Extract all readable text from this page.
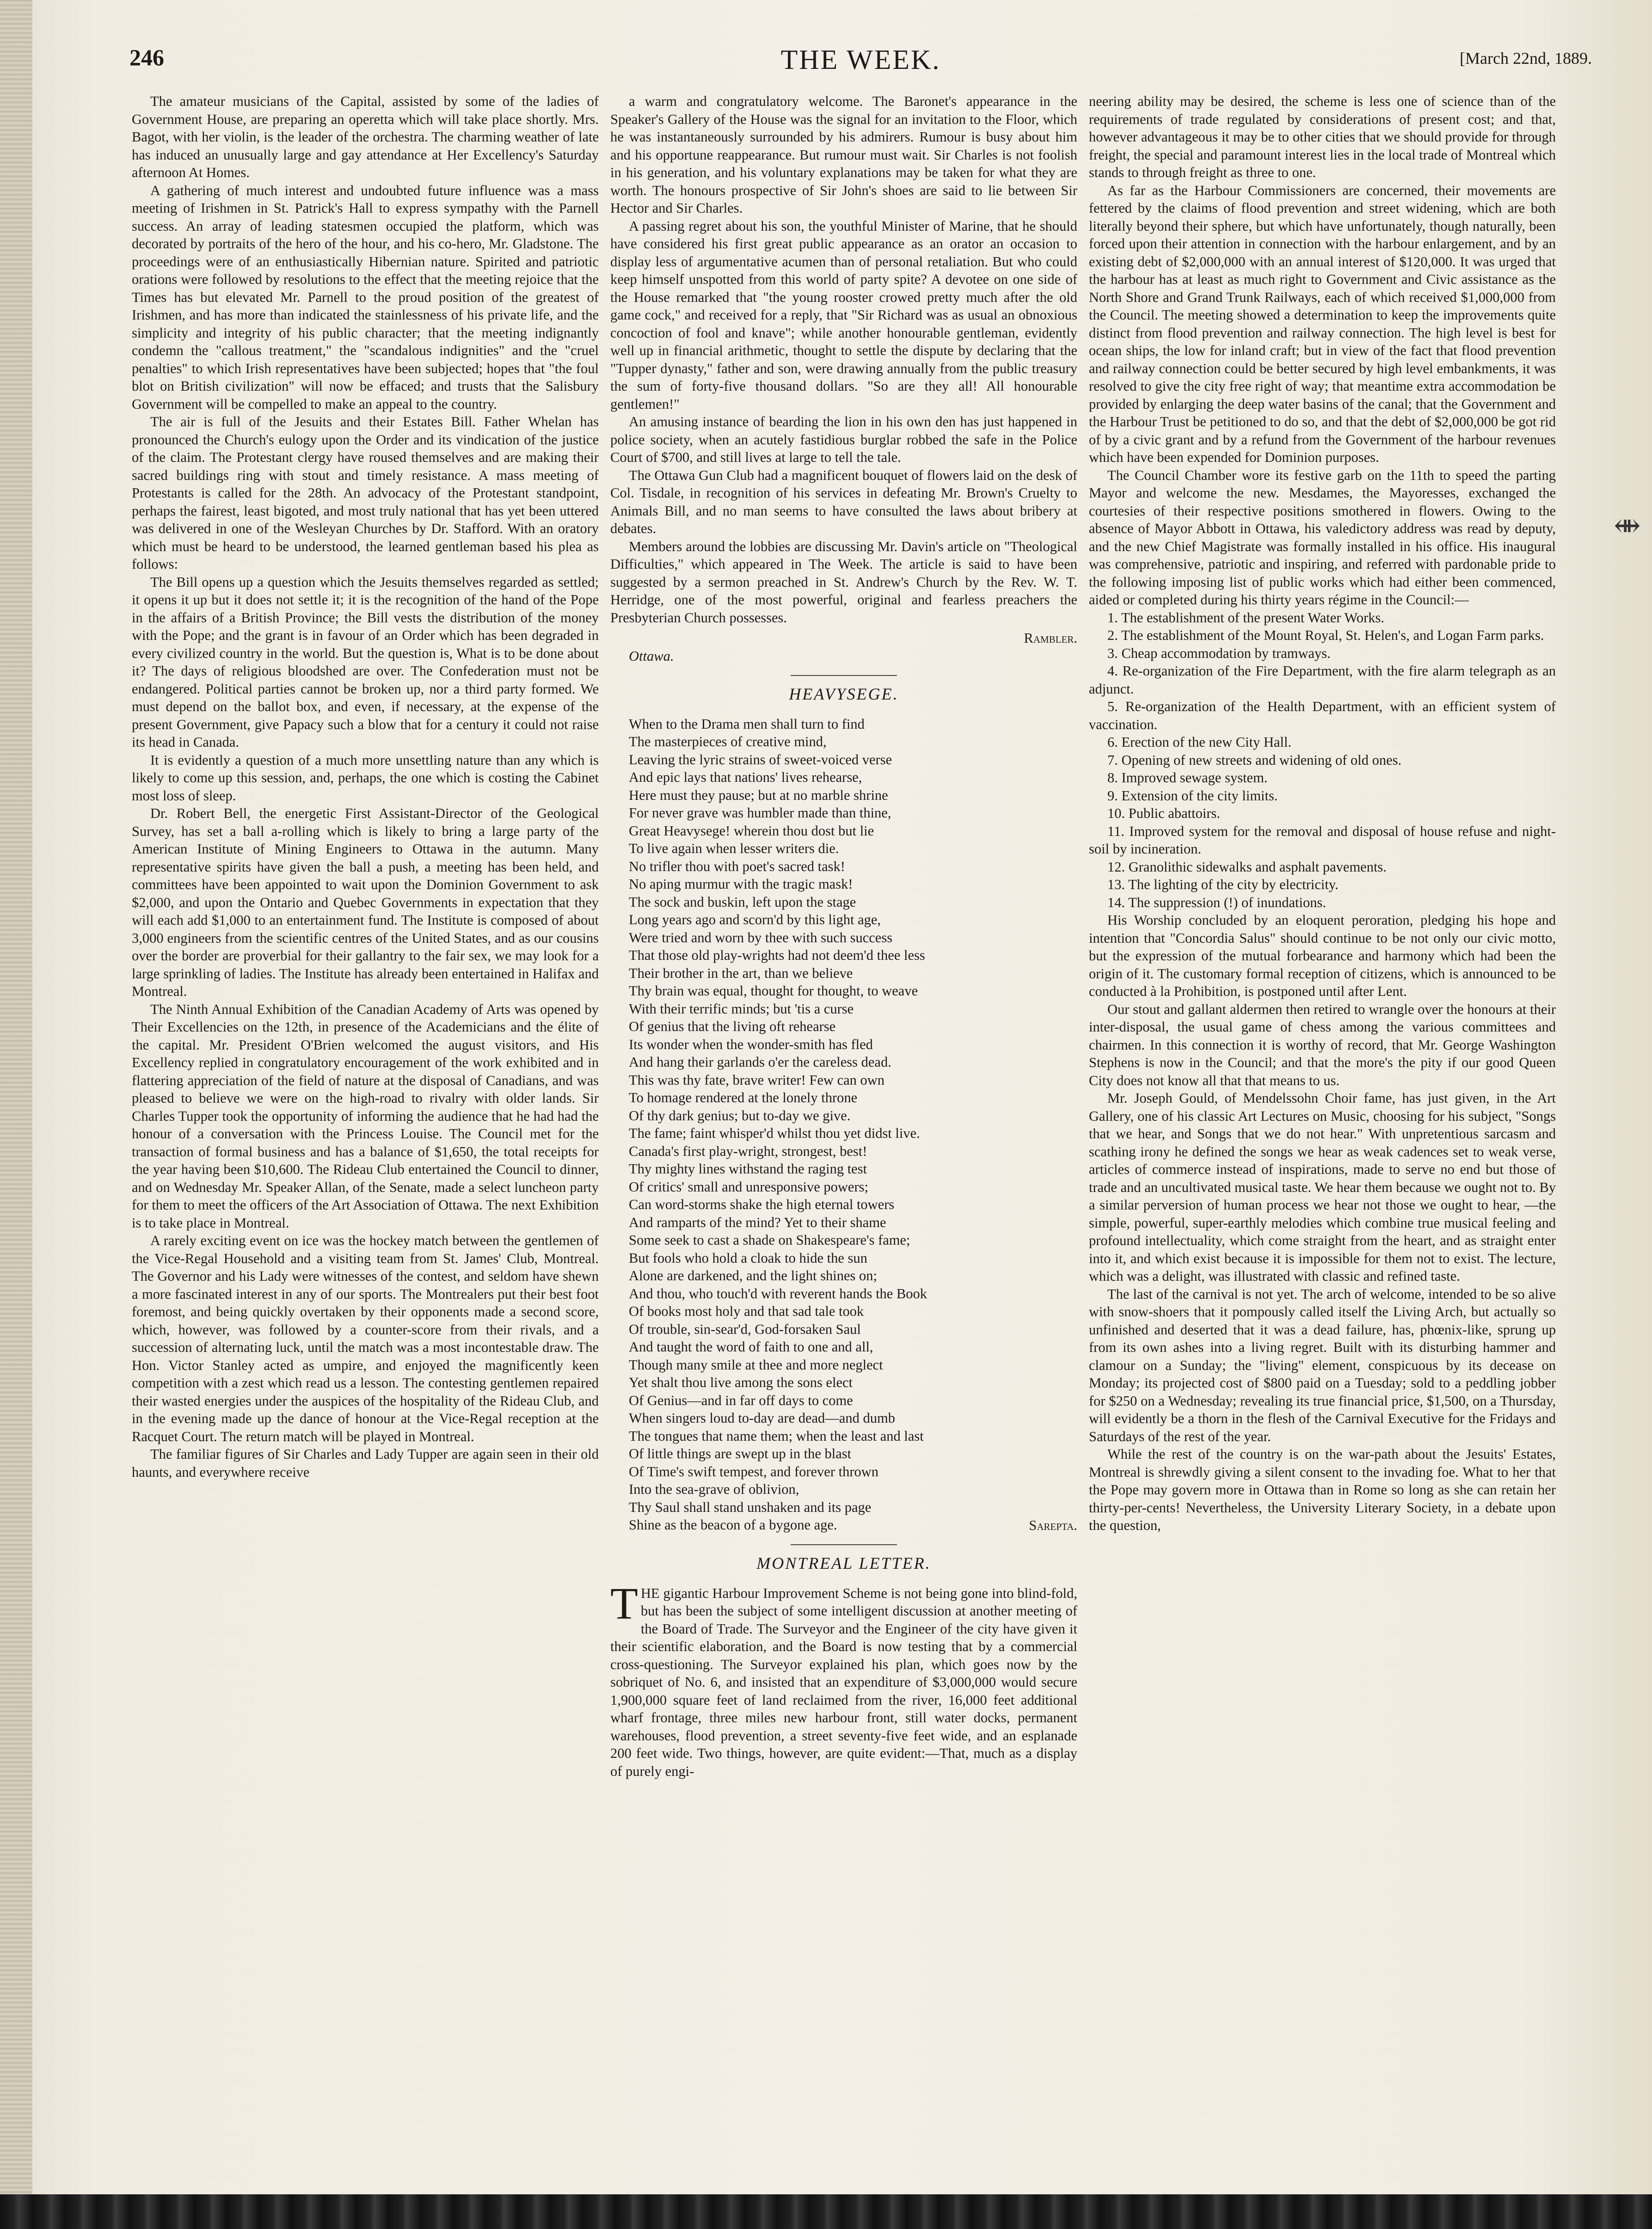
246	THE WEEK.	[March 22nd, 1889.

The amateur musicians of the Capital, assisted by some of the ladies of Government House, are preparing an operetta which will take place shortly. Mrs. Bagot, with her violin, is the leader of the orchestra. The charming weather of late has induced an unusually large and gay attendance at Her Excellency's Saturday afternoon At Homes.

A gathering of much interest and undoubted future influence was a mass meeting of Irishmen in St. Patrick's Hall to express sympathy with the Parnell success. An array of leading statesmen occupied the platform, which was decorated by portraits of the hero of the hour, and his co-hero, Mr. Gladstone. The proceedings were of an enthusiastically Hibernian nature. Spirited and patriotic orations were followed by resolutions to the effect that the meeting rejoice that the Times has but elevated Mr. Parnell to the proud position of the greatest of Irishmen, and has more than indicated the stainlessness of his private life, and the simplicity and integrity of his public character; that the meeting indignantly condemn the "callous treatment," the "scandalous indignities" and the "cruel penalties" to which Irish representatives have been subjected; hopes that "the foul blot on British civilization" will now be effaced; and trusts that the Salisbury Government will be compelled to make an appeal to the country.

The air is full of the Jesuits and their Estates Bill. Father Whelan has pronounced the Church's eulogy upon the Order and its vindication of the justice of the claim. The Protestant clergy have roused themselves and are making their sacred buildings ring with stout and timely resistance. A mass meeting of Protestants is called for the 28th. An advocacy of the Protestant standpoint, perhaps the fairest, least bigoted, and most truly national that has yet been uttered was delivered in one of the Wesleyan Churches by Dr. Stafford. With an oratory which must be heard to be understood, the learned gentleman based his plea as follows:

The Bill opens up a question which the Jesuits themselves regarded as settled; it opens it up but it does not settle it; it is the recognition of the hand of the Pope in the affairs of a British Province; the Bill vests the distribution of the money with the Pope; and the grant is in favour of an Order which has been degraded in every civilized country in the world. But the question is, What is to be done about it? The days of religious bloodshed are over. The Confederation must not be endangered. Political parties cannot be broken up, nor a third party formed. We must depend on the ballot box, and even, if necessary, at the expense of the present Government, give Papacy such a blow that for a century it could not raise its head in Canada.

It is evidently a question of a much more unsettling nature than any which is likely to come up this session, and, perhaps, the one which is costing the Cabinet most loss of sleep.

Dr. Robert Bell, the energetic First Assistant-Director of the Geological Survey, has set a ball a-rolling which is likely to bring a large party of the American Institute of Mining Engineers to Ottawa in the autumn. Many representative spirits have given the ball a push, a meeting has been held, and committees have been appointed to wait upon the Dominion Government to ask $2,000, and upon the Ontario and Quebec Governments in expectation that they will each add $1,000 to an entertainment fund. The Institute is composed of about 3,000 engineers from the scientific centres of the United States, and as our cousins over the border are proverbial for their gallantry to the fair sex, we may look for a large sprinkling of ladies. The Institute has already been entertained in Halifax and Montreal.

The Ninth Annual Exhibition of the Canadian Academy of Arts was opened by Their Excellencies on the 12th, in presence of the Academicians and the élite of the capital. Mr. President O'Brien welcomed the august visitors, and His Excellency replied in congratulatory encouragement of the work exhibited and in flattering appreciation of the field of nature at the disposal of Canadians, and was pleased to believe we were on the high-road to rivalry with older lands. Sir Charles Tupper took the opportunity of informing the audience that he had had the honour of a conversation with the Princess Louise. The Council met for the transaction of formal business and has a balance of $1,650, the total receipts for the year having been $10,600. The Rideau Club entertained the Council to dinner, and on Wednesday Mr. Speaker Allan, of the Senate, made a select luncheon party for them to meet the officers of the Art Association of Ottawa. The next Exhibition is to take place in Montreal.

A rarely exciting event on ice was the hockey match between the gentlemen of the Vice-Regal Household and a visiting team from St. James' Club, Montreal. The Governor and his Lady were witnesses of the contest, and seldom have shewn a more fascinated interest in any of our sports. The Montrealers put their best foot foremost, and being quickly overtaken by their opponents made a second score, which, however, was followed by a counter-score from their rivals, and a succession of alternating luck, until the match was a most incontestable draw. The Hon. Victor Stanley acted as umpire, and enjoyed the magnificently keen competition with a zest which read us a lesson. The contesting gentlemen repaired their wasted energies under the auspices of the hospitality of the Rideau Club, and in the evening made up the dance of honour at the Vice-Regal reception at the Racquet Court. The return match will be played in Montreal.

The familiar figures of Sir Charles and Lady Tupper are again seen in their old haunts, and everywhere receive

a warm and congratulatory welcome. The Baronet's appearance in the Speaker's Gallery of the House was the signal for an invitation to the Floor, which he was instantaneously surrounded by his admirers. Rumour is busy about him and his opportune reappearance. But rumour must wait. Sir Charles is not foolish in his generation, and his voluntary explanations may be taken for what they are worth. The honours prospective of Sir John's shoes are said to lie between Sir Hector and Sir Charles.

A passing regret about his son, the youthful Minister of Marine, that he should have considered his first great public appearance as an orator an occasion to display less of argumentative acumen than of personal retaliation. But who could keep himself unspotted from this world of party spite? A devotee on one side of the House remarked that "the young rooster crowed pretty much after the old game cock," and received for a reply, that "Sir Richard was as usual an obnoxious concoction of fool and knave"; while another honourable gentleman, evidently well up in financial arithmetic, thought to settle the dispute by declaring that the "Tupper dynasty," father and son, were drawing annually from the public treasury the sum of forty-five thousand dollars. "So are they all! All honourable gentlemen!"

An amusing instance of bearding the lion in his own den has just happened in police society, when an acutely fastidious burglar robbed the safe in the Police Court of $700, and still lives at large to tell the tale.

The Ottawa Gun Club had a magnificent bouquet of flowers laid on the desk of Col. Tisdale, in recognition of his services in defeating Mr. Brown's Cruelty to Animals Bill, and no man seems to have consulted the laws about bribery at debates.

Members around the lobbies are discussing Mr. Davin's article on "Theological Difficulties," which appeared in The Week. The article is said to have been suggested by a sermon preached in St. Andrew's Church by the Rev. W. T. Herridge, one of the most powerful, original and fearless preachers the Presbyterian Church possesses.

Rambler.
Ottawa.
HEAVYSEGE.
When to the Drama men shall turn to find
The masterpieces of creative mind,
Leaving the lyric strains of sweet-voiced verse
And epic lays that nations' lives rehearse,
Here must they pause; but at no marble shrine
For never grave was humbler made than thine,
Great Heavysege! wherein thou dost but lie
To live again when lesser writers die.
No trifler thou with poet's sacred task!
No aping murmur with the tragic mask!
The sock and buskin, left upon the stage
Long years ago and scorn'd by this light age,
Were tried and worn by thee with such success
That those old play-wrights had not deem'd thee less
Their brother in the art, than we believe
Thy brain was equal, thought for thought, to weave
With their terrific minds; but 'tis a curse
Of genius that the living oft rehearse
Its wonder when the wonder-smith has fled
And hang their garlands o'er the careless dead.
This was thy fate, brave writer! Few can own
To homage rendered at the lonely throne
Of thy dark genius; but to-day we give.
The fame; faint whisper'd whilst thou yet didst live.
Canada's first play-wright, strongest, best!
Thy mighty lines withstand the raging test
Of critics' small and unresponsive powers;
Can word-storms shake the high eternal towers
And ramparts of the mind? Yet to their shame
Some seek to cast a shade on Shakespeare's fame;
But fools who hold a cloak to hide the sun
Alone are darkened, and the light shines on;
And thou, who touch'd with reverent hands the Book
Of books most holy and that sad tale took
Of trouble, sin-sear'd, God-forsaken Saul
And taught the word of faith to one and all,
Though many smile at thee and more neglect
Yet shalt thou live among the sons elect
Of Genius—and in far off days to come
When singers loud to-day are dead—and dumb
The tongues that name them; when the least and last
Of little things are swept up in the blast
Of Time's swift tempest, and forever thrown
Into the sea-grave of oblivion,
Thy Saul shall stand unshaken and its page
Shine as the beacon of a bygone age.	Sarepta.
MONTREAL LETTER.

THE gigantic Harbour Improvement Scheme is not being gone into blind-fold, but has been the subject of some intelligent discussion at another meeting of the Board of Trade. The Surveyor and the Engineer of the city have given it their scientific elaboration, and the Board is now testing that by a commercial cross-questioning. The Surveyor explained his plan, which goes now by the sobriquet of No. 6, and insisted that an expenditure of $3,000,000 would secure 1,900,000 square feet of land reclaimed from the river, 16,000 feet additional wharf frontage, three miles new harbour front, still water docks, permanent warehouses, flood prevention, a street seventy-five feet wide, and an esplanade 200 feet wide. Two things, however, are quite evident:—That, much as a display of purely engi-

neering ability may be desired, the scheme is less one of science than of the requirements of trade regulated by considerations of present cost; and that, however advantageous it may be to other cities that we should provide for through freight, the special and paramount interest lies in the local trade of Montreal which stands to through freight as three to one.

As far as the Harbour Commissioners are concerned, their movements are fettered by the claims of flood prevention and street widening, which are both literally beyond their sphere, but which have unfortunately, though naturally, been forced upon their attention in connection with the harbour enlargement, and by an existing debt of $2,000,000 with an annual interest of $120,000. It was urged that the harbour has at least as much right to Government and Civic assistance as the North Shore and Grand Trunk Railways, each of which received $1,000,000 from the Council. The meeting showed a determination to keep the improvements quite distinct from flood prevention and railway connection. The high level is best for ocean ships, the low for inland craft; but in view of the fact that flood prevention and railway connection could be better secured by high level embankments, it was resolved to give the city free right of way; that meantime extra accommodation be provided by enlarging the deep water basins of the canal; that the Government and the Harbour Trust be petitioned to do so, and that the debt of $2,000,000 be got rid of by a civic grant and by a refund from the Government of the harbour revenues which have been expended for Dominion purposes.

The Council Chamber wore its festive garb on the 11th to speed the parting Mayor and welcome the new. Mesdames, the Mayoresses, exchanged the courtesies of their respective positions smothered in flowers. Owing to the absence of Mayor Abbott in Ottawa, his valedictory address was read by deputy, and the new Chief Magistrate was formally installed in his office. His inaugural was comprehensive, patriotic and inspiring, and referred with pardonable pride to the following imposing list of public works which had either been commenced, aided or completed during his thirty years régime in the Council:—

1. The establishment of the present Water Works.

2. The establishment of the Mount Royal, St. Helen's, and Logan Farm parks.

3. Cheap accommodation by tramways.

4. Re-organization of the Fire Department, with the fire alarm telegraph as an adjunct.

5. Re-organization of the Health Department, with an efficient system of vaccination.

6. Erection of the new City Hall.

7. Opening of new streets and widening of old ones.

8. Improved sewage system.

9. Extension of the city limits.

10. Public abattoirs.

11. Improved system for the removal and disposal of house refuse and night-soil by incineration.

12. Granolithic sidewalks and asphalt pavements.

13. The lighting of the city by electricity.

14. The suppression (!) of inundations.

His Worship concluded by an eloquent peroration, pledging his hope and intention that "Concordia Salus" should continue to be not only our civic motto, but the expression of the mutual forbearance and harmony which had been the origin of it. The customary formal reception of citizens, which is announced to be conducted à la Prohibition, is postponed until after Lent.

Our stout and gallant aldermen then retired to wrangle over the honours at their inter-disposal, the usual game of chess among the various committees and chairmen. In this connection it is worthy of record, that Mr. George Washington Stephens is now in the Council; and that the more's the pity if our good Queen City does not know all that that means to us.

Mr. Joseph Gould, of Mendelssohn Choir fame, has just given, in the Art Gallery, one of his classic Art Lectures on Music, choosing for his subject, "Songs that we hear, and Songs that we do not hear." With unpretentious sarcasm and scathing irony he defined the songs we hear as weak cadences set to weak verse, articles of commerce instead of inspirations, made to serve no end but those of trade and an uncultivated musical taste. We hear them because we ought not to. By a similar perversion of human process we hear not those we ought to hear, —the simple, powerful, super-earthly melodies which combine true musical feeling and profound intellectuality, which come straight from the heart, and as straight enter into it, and which exist because it is impossible for them not to exist. The lecture, which was a delight, was illustrated with classic and refined taste.

The last of the carnival is not yet. The arch of welcome, intended to be so alive with snow-shoers that it pompously called itself the Living Arch, but actually so unfinished and deserted that it was a dead failure, has, phœnix-like, sprung up from its own ashes into a living regret. Built with its disturbing hammer and clamour on a Sunday; the "living" element, conspicuous by its decease on Monday; its projected cost of $800 paid on a Tuesday; sold to a peddling jobber for $250 on a Wednesday; revealing its true financial price, $1,500, on a Thursday, will evidently be a thorn in the flesh of the Carnival Executive for the Fridays and Saturdays of the rest of the year.

While the rest of the country is on the war-path about the Jesuits' Estates, Montreal is shrewdly giving a silent consent to the invading foe. What to her that the Pope may govern more in Ottawa than in Rome so long as she can retain her thirty-per-cents! Nevertheless, the University Literary Society, in a debate upon the question,

⇼
